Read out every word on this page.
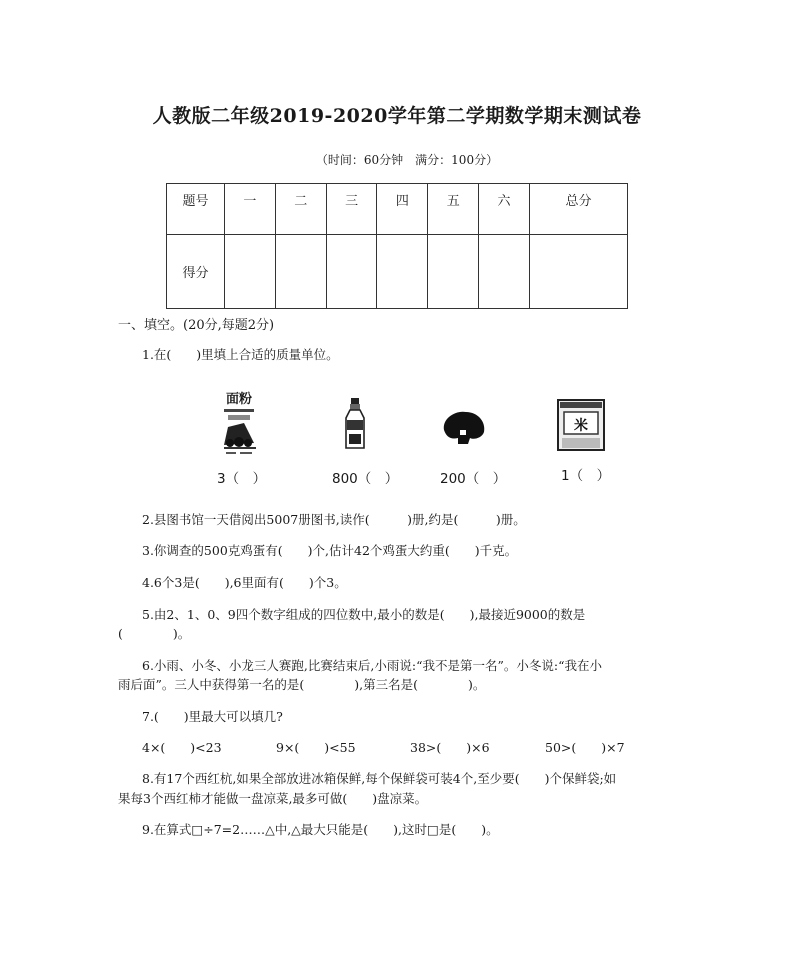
人教版二年级2019-2020学年第二学期数学期末测试卷
（时间：60分钟　满分：100分）
题号	一	二	三	四	五	六	总分
得分							
一、填空。(20分,每题2分)
1.在(　　)里填上合适的质量单位。
面粉
米
3（　）	800（　）	200（　）	1（　）
2.县图书馆一天借阅出5007册图书,读作(　　　)册,约是(　　　)册。
3.你调查的500克鸡蛋有(　　)个,估计42个鸡蛋大约重(　　)千克。
4.6个3是(　　),6里面有(　　)个3。
5.由2、1、0、9四个数字组成的四位数中,最小的数是(　　),最接近9000的数是
(　　　　)。
6.小雨、小冬、小龙三人赛跑,比赛结束后,小雨说:“我不是第一名”。小冬说:“我在小
雨后面”。三人中获得第一名的是(　　　　),第三名是(　　　　)。
7.(　　)里最大可以填几?
4×(　　)<23	9×(　　)<55	38>(　　)×6	50>(　　)×7
8.有17个西红杭,如果全部放进冰箱保鲜,每个保鲜袋可装4个,至少要(　　)个保鲜袋;如
果每3个西红柿才能做一盘凉菜,最多可做(　　)盘凉菜。
9.在算式□÷7=2……△中,△最大只能是(　　),这时□是(　　)。
